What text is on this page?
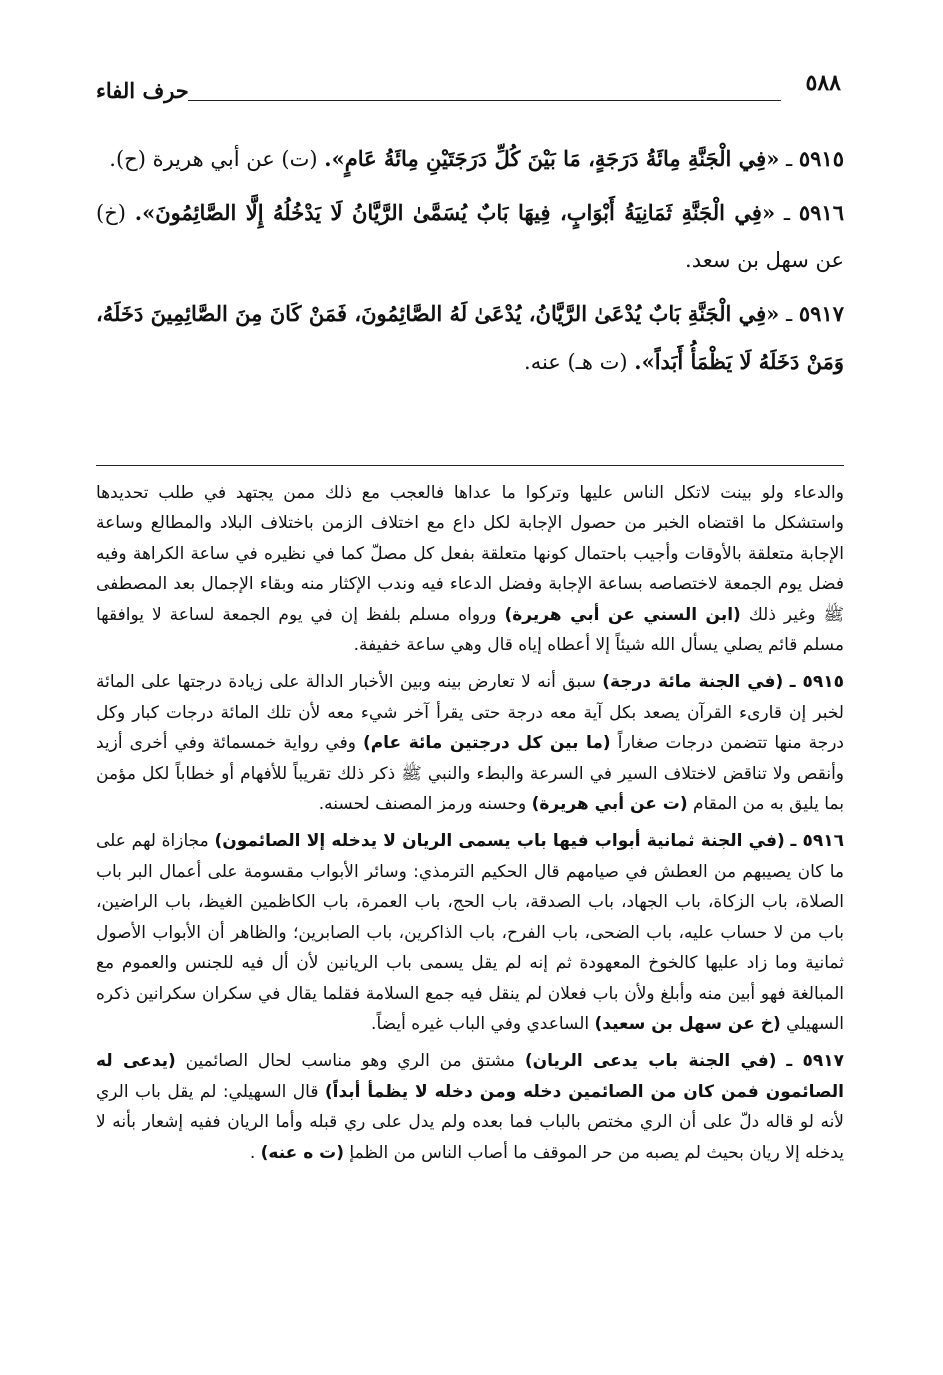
٥٨٨
حرف الفاء

٥٩١٥ ـ «فِي الْجَنَّةِ مِائَةُ دَرَجَةٍ، مَا بَيْنَ كُلِّ دَرَجَتَيْنِ مِائَةُ عَامٍ». (ت) عن أبي هريرة (ح).

٥٩١٦ ـ «فِي الْجَنَّةِ ثَمَانِيَةُ أَبْوَابٍ، فِيهَا بَابٌ يُسَمَّىٰ الرَّيَّانُ لَا يَدْخُلُهُ إِلَّا الصَّائِمُونَ». (خ) عن سهل بن سعد.

٥٩١٧ ـ «فِي الْجَنَّةِ بَابٌ يُدْعَىٰ الرَّيَّانُ، يُدْعَىٰ لَهُ الصَّائِمُونَ، فَمَنْ كَانَ مِنَ الصَّائِمِينَ دَخَلَهُ، وَمَنْ دَخَلَهُ لَا يَظْمَأُ أَبَداً». (ت هـ) عنه.

والدعاء ولو بينت لاتكل الناس عليها وتركوا ما عداها فالعجب مع ذلك ممن يجتهد في طلب تحديدها واستشكل ما اقتضاه الخبر من حصول الإجابة لكل داع مع اختلاف الزمن باختلاف البلاد والمطالع وساعة الإجابة متعلقة بالأوقات وأجيب باحتمال كونها متعلقة بفعل كل مصلّ كما في نظيره في ساعة الكراهة وفيه فضل يوم الجمعة لاختصاصه بساعة الإجابة وفضل الدعاء فيه وندب الإكثار منه وبقاء الإجمال بعد المصطفى ﷺ وغير ذلك (ابن السني عن أبي هريرة) ورواه مسلم بلفظ إن في يوم الجمعة لساعة لا يوافقها مسلم قائم يصلي يسأل الله شيئاً إلا أعطاه إياه قال وهي ساعة خفيفة.

٥٩١٥ ـ (في الجنة مائة درجة) سبق أنه لا تعارض بينه وبين الأخبار الدالة على زيادة درجتها على المائة لخبر إن قارىء القرآن يصعد بكل آية معه درجة حتى يقرأ آخر شيء معه لأن تلك المائة درجات كبار وكل درجة منها تتضمن درجات صغاراً (ما بين كل درجتين مائة عام) وفي رواية خمسمائة وفي أخرى أزيد وأنقص ولا تناقض لاختلاف السير في السرعة والبطء والنبي ﷺ ذكر ذلك تقريباً للأفهام أو خطاباً لكل مؤمن بما يليق به من المقام (ت عن أبي هريرة) وحسنه ورمز المصنف لحسنه.

٥٩١٦ ـ (في الجنة ثمانية أبواب فيها باب يسمى الريان لا يدخله إلا الصائمون) مجازاة لهم على ما كان يصيبهم من العطش في صيامهم قال الحكيم الترمذي: وسائر الأبواب مقسومة على أعمال البر باب الصلاة، باب الزكاة، باب الجهاد، باب الصدقة، باب الحج، باب العمرة، باب الكاظمين الغيظ، باب الراضين، باب من لا حساب عليه، باب الضحى، باب الفرح، باب الذاكرين، باب الصابرين؛ والظاهر أن الأبواب الأصول ثمانية وما زاد عليها كالخوخ المعهودة ثم إنه لم يقل يسمى باب الريانين لأن أل فيه للجنس والعموم مع المبالغة فهو أبين منه وأبلغ ولأن باب فعلان لم ينقل فيه جمع السلامة فقلما يقال في سكران سكرانين ذكره السهيلي (خ عن سهل بن سعيد) الساعدي وفي الباب غيره أيضاً.

٥٩١٧ ـ (في الجنة باب يدعى الريان) مشتق من الري وهو مناسب لحال الصائمين (يدعى له الصائمون فمن كان من الصائمين دخله ومن دخله لا يظمأ أبداً) قال السهيلي: لم يقل باب الري لأنه لو قاله دلّ على أن الري مختص بالباب فما بعده ولم يدل على ري قبله وأما الريان ففيه إشعار بأنه لا يدخله إلا ريان بحيث لم يصبه من حر الموقف ما أصاب الناس من الظمإ (ت ه عنه) .
